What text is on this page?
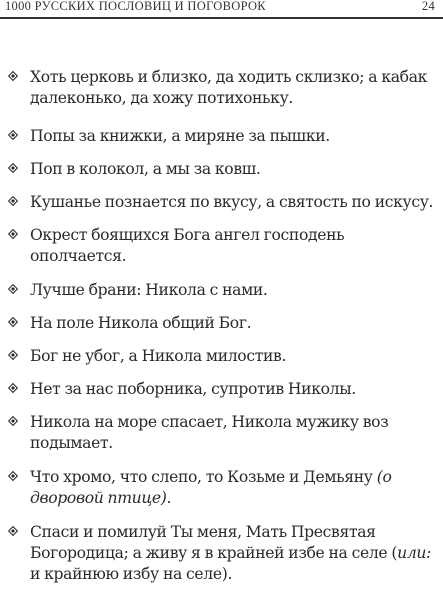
1000 РУССКИХ ПОСЛОВИЦ И ПОГОВОРОК	24
Хоть церковь и близко, да ходить склизко; а кабак далеконько, да хожу потихоньку.
Попы за книжки, а миряне за пышки.
Поп в колокол, а мы за ковш.
Кушанье познается по вкусу, а святость по искусу.
Окрест боящихся Бога ангел господень ополчается.
Лучше брани: Никола с нами.
На поле Никола общий Бог.
Бог не убог, а Никола милостив.
Нет за нас поборника, супротив Николы.
Никола на море спасает, Никола мужику воз подымает.
Что хромо, что слепо, то Козьме и Демьяну (о дворовой птице).
Спаси и помилуй Ты меня, Мать Пресвятая Богородица; а живу я в крайней избе на селе (или: и крайнюю избу на селе).
